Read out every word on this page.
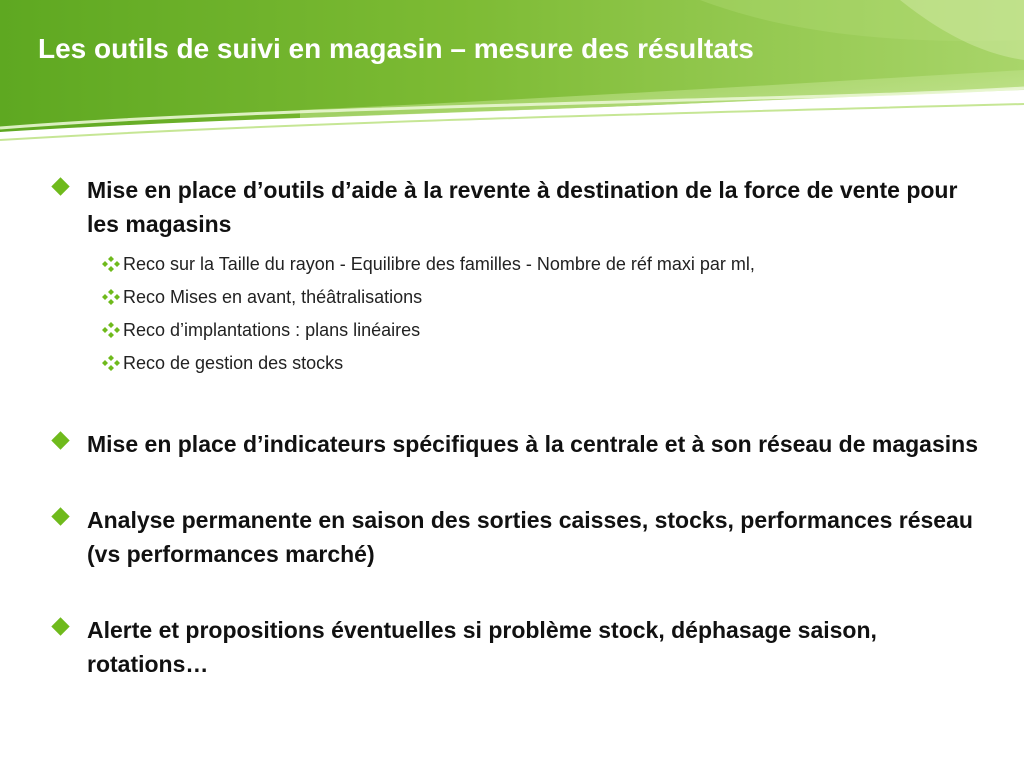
Les outils de suivi en magasin – mesure des résultats
Mise en place d’outils d’aide à la revente à destination de la force de vente pour les magasins
Reco sur la Taille du rayon - Equilibre des familles - Nombre de réf maxi par ml,
Reco Mises en avant, théâtralisations
Reco d’implantations : plans linéaires
Reco de gestion des stocks
Mise en place d’indicateurs spécifiques à la centrale et à son réseau de magasins
Analyse permanente en saison des sorties caisses, stocks, performances réseau (vs performances marché)
Alerte et propositions éventuelles si problème stock, déphasage saison, rotations…
